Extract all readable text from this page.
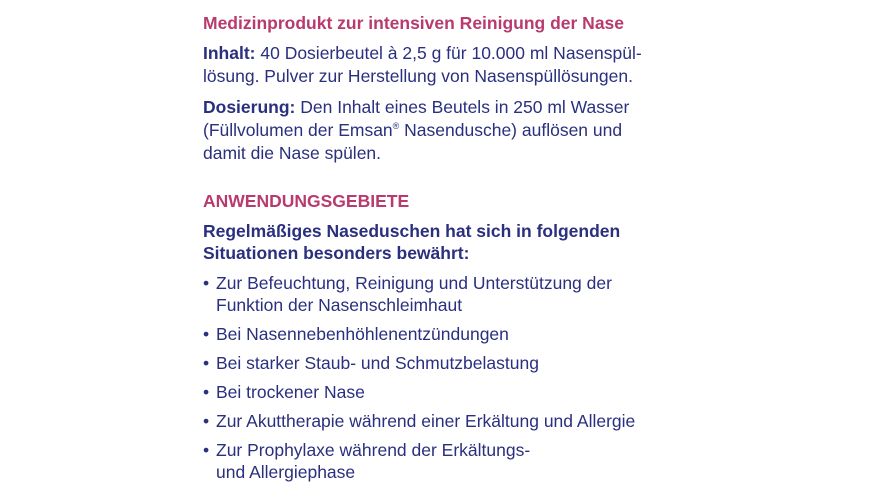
Medizinprodukt zur intensiven Reinigung der Nase
Inhalt: 40 Dosierbeutel à 2,5 g für 10.000 ml Nasenspül-
lösung. Pulver zur Herstellung von Nasenspüllösungen.
Dosierung: Den Inhalt eines Beutels in 250 ml Wasser
(Füllvolumen der Emsan® Nasendusche) auflösen und
damit die Nase spülen.
ANWENDUNGSGEBIETE
Regelmäßiges Naseduschen hat sich in folgenden
Situationen besonders bewährt:
• Zur Befeuchtung, Reinigung und Unterstützung der
Funktion der Nasenschleimhaut
• Bei Nasennebenhöhlenentzündungen
• Bei starker Staub- und Schmutzbelastung
• Bei trockener Nase
• Zur Akuttherapie während einer Erkältung und Allergie
• Zur Prophylaxe während der Erkältungs-
und Allergiephase
